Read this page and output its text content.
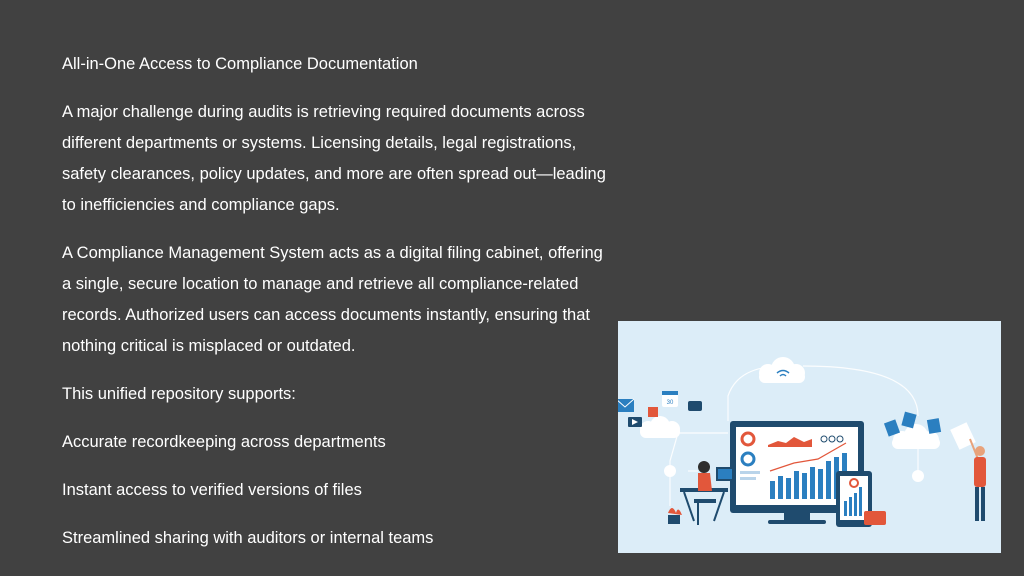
All-in-One Access to Compliance Documentation

A major challenge during audits is retrieving required documents across different departments or systems. Licensing details, legal registrations, safety clearances, policy updates, and more are often spread out—leading to inefficiencies and compliance gaps.

A Compliance Management System acts as a digital filing cabinet, offering a single, secure location to manage and retrieve all compliance-related records. Authorized users can access documents instantly, ensuring that nothing critical is misplaced or outdated.

This unified repository supports:

Accurate recordkeeping across departments

Instant access to verified versions of files

Streamlined sharing with auditors or internal teams

30
